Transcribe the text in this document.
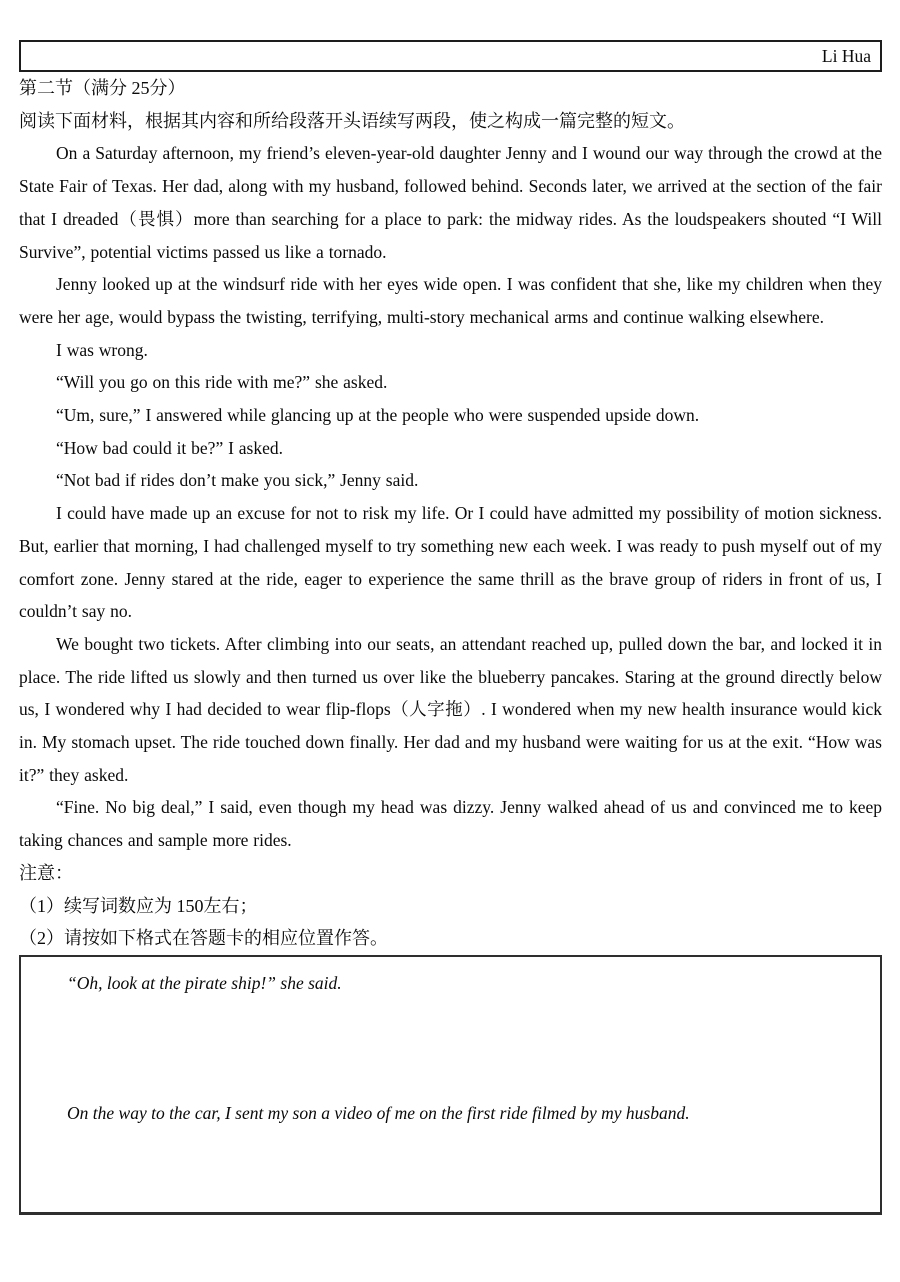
Li Hua
第二节（满分 25分）
阅读下面材料，根据其内容和所给段落开头语续写两段，使之构成一篇完整的短文。

On a Saturday afternoon, my friend’s eleven-year-old daughter Jenny and I wound our way through the crowd at the State Fair of Texas. Her dad, along with my husband, followed behind. Seconds later, we arrived at the section of the fair that I dreaded（畏惧）more than searching for a place to park: the midway rides. As the loudspeakers shouted “I Will Survive”, potential victims passed us like a tornado.

Jenny looked up at the windsurf ride with her eyes wide open. I was confident that she, like my children when they were her age, would bypass the twisting, terrifying, multi-story mechanical arms and continue walking elsewhere.

I was wrong.

“Will you go on this ride with me?” she asked.

“Um, sure,” I answered while glancing up at the people who were suspended upside down.

“How bad could it be?” I asked.

“Not bad if rides don’t make you sick,” Jenny said.

I could have made up an excuse for not to risk my life. Or I could have admitted my possibility of motion sickness. But, earlier that morning, I had challenged myself to try something new each week. I was ready to push myself out of my comfort zone. Jenny stared at the ride, eager to experience the same thrill as the brave group of riders in front of us, I couldn’t say no.

We bought two tickets. After climbing into our seats, an attendant reached up, pulled down the bar, and locked it in place. The ride lifted us slowly and then turned us over like the blueberry pancakes. Staring at the ground directly below us, I wondered why I had decided to wear flip-flops（人字拖）. I wondered when my new health insurance would kick in. My stomach upset. The ride touched down finally. Her dad and my husband were waiting for us at the exit. “How was it?” they asked.

“Fine. No big deal,” I said, even though my head was dizzy. Jenny walked ahead of us and convinced me to keep taking chances and sample more rides.

注意：
（1）续写词数应为 150左右；
（2）请按如下格式在答题卡的相应位置作答。

“Oh, look at the pirate ship!” she said.

On the way to the car, I sent my son a video of me on the first ride filmed by my husband.
